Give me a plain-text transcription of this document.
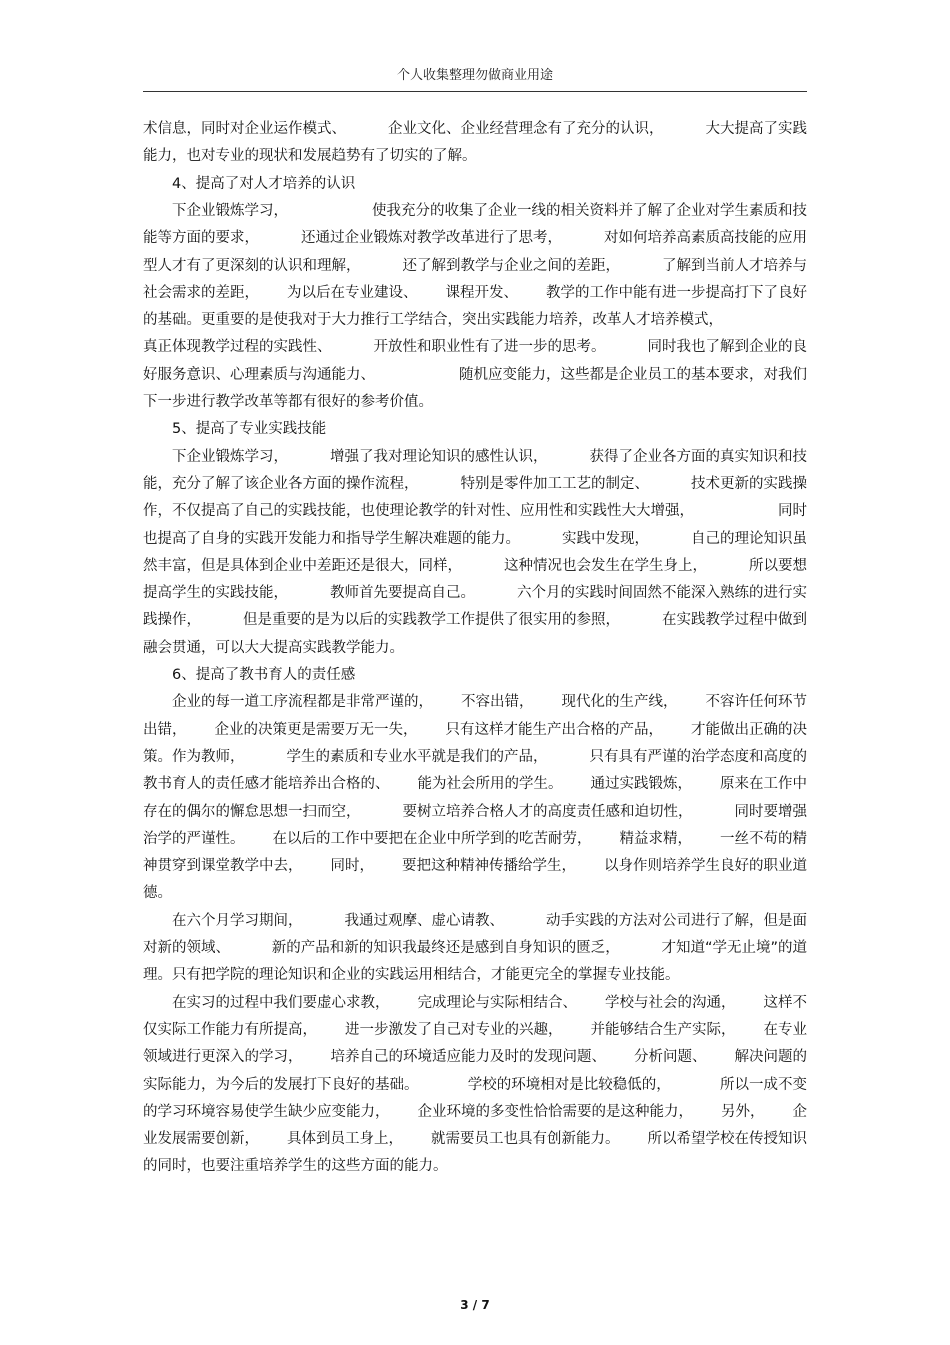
个人收集整理勿做商业用途
术信息，同时对企业运作模式、	企业文化、企业经营理念有了充分的认识，	大大提高了实践
能力，也对专业的现状和发展趋势有了切实的了解。
　　4、提高了对人才培养的认识
　　下企业锻炼学习，	使我充分的收集了企业一线的相关资料并了解了企业对学生素质和技
能等方面的要求，	还通过企业锻炼对教学改革进行了思考，	对如何培养高素质高技能的应用
型人才有了更深刻的认识和理解，	还了解到教学与企业之间的差距，	了解到当前人才培养与
社会需求的差距， 为以后在专业建设、 课程开发、 教学的工作中能有进一步提高打下了良好
的基础。更重要的是使我对于大力推行工学结合，突出实践能力培养，改革人才培养模式，
真正体现教学过程的实践性、	开放性和职业性有了进一步的思考。	同时我也了解到企业的良
好服务意识、心理素质与沟通能力、	随机应变能力，这些都是企业员工的基本要求，对我们
下一步进行教学改革等都有很好的参考价值。
　　5、提高了专业实践技能
　　下企业锻炼学习，	增强了我对理论知识的感性认识，	获得了企业各方面的真实知识和技
能，充分了解了该企业各方面的操作流程，	特别是零件加工工艺的制定、	技术更新的实践操
作，不仅提高了自己的实践技能，也使理论教学的针对性、应用性和实践性大大增强，	同时
也提高了自身的实践开发能力和指导学生解决难题的能力。	实践中发现，	自己的理论知识虽
然丰富，但是具体到企业中差距还是很大，同样，	这种情况也会发生在学生身上，	所以要想
提高学生的实践技能，	教师首先要提高自己。	六个月的实践时间固然不能深入熟练的进行实
践操作，	但是重要的是为以后的实践教学工作提供了很实用的参照，	在实践教学过程中做到
融会贯通，可以大大提高实践教学能力。
　　6、提高了教书育人的责任感
　　企业的每一道工序流程都是非常严谨的， 不容出错， 现代化的生产线， 不容许任何环节
出错， 企业的决策更是需要万无一失， 只有这样才能生产出合格的产品， 才能做出正确的决
策。作为教师，	学生的素质和专业水平就是我们的产品，	只有具有严谨的治学态度和高度的
教书育人的责任感才能培养出合格的、 能为社会所用的学生。 通过实践锻炼， 原来在工作中
存在的偶尔的懈怠思想一扫而空，	要树立培养合格人才的高度责任感和迫切性，	同时要增强
治学的严谨性。 在以后的工作中要把在企业中所学到的吃苦耐劳， 精益求精， 一丝不苟的精
神贯穿到课堂教学中去， 同时， 要把这种精神传播给学生， 以身作则培养学生良好的职业道
德。
　　在六个月学习期间，	我通过观摩、虚心请教、	动手实践的方法对公司进行了解，但是面
对新的领域、	新的产品和新的知识我最终还是感到自身知识的匮乏，	才知道“学无止境”的道
理。只有把学院的理论知识和企业的实践运用相结合，才能更完全的掌握专业技能。
　　在实习的过程中我们要虚心求教， 完成理论与实际相结合、 学校与社会的沟通， 这样不
仅实际工作能力有所提高， 进一步激发了自己对专业的兴趣， 并能够结合生产实际， 在专业
领域进行更深入的学习， 培养自己的环境适应能力及时的发现问题、 分析问题、 解决问题的
实际能力，为今后的发展打下良好的基础。	学校的环境相对是比较稳低的，	所以一成不变
的学习环境容易使学生缺少应变能力， 企业环境的多变性恰恰需要的是这种能力， 另外， 企
业发展需要创新， 具体到员工身上， 就需要员工也具有创新能力。 所以希望学校在传授知识
的同时，也要注重培养学生的这些方面的能力。
3 / 7
